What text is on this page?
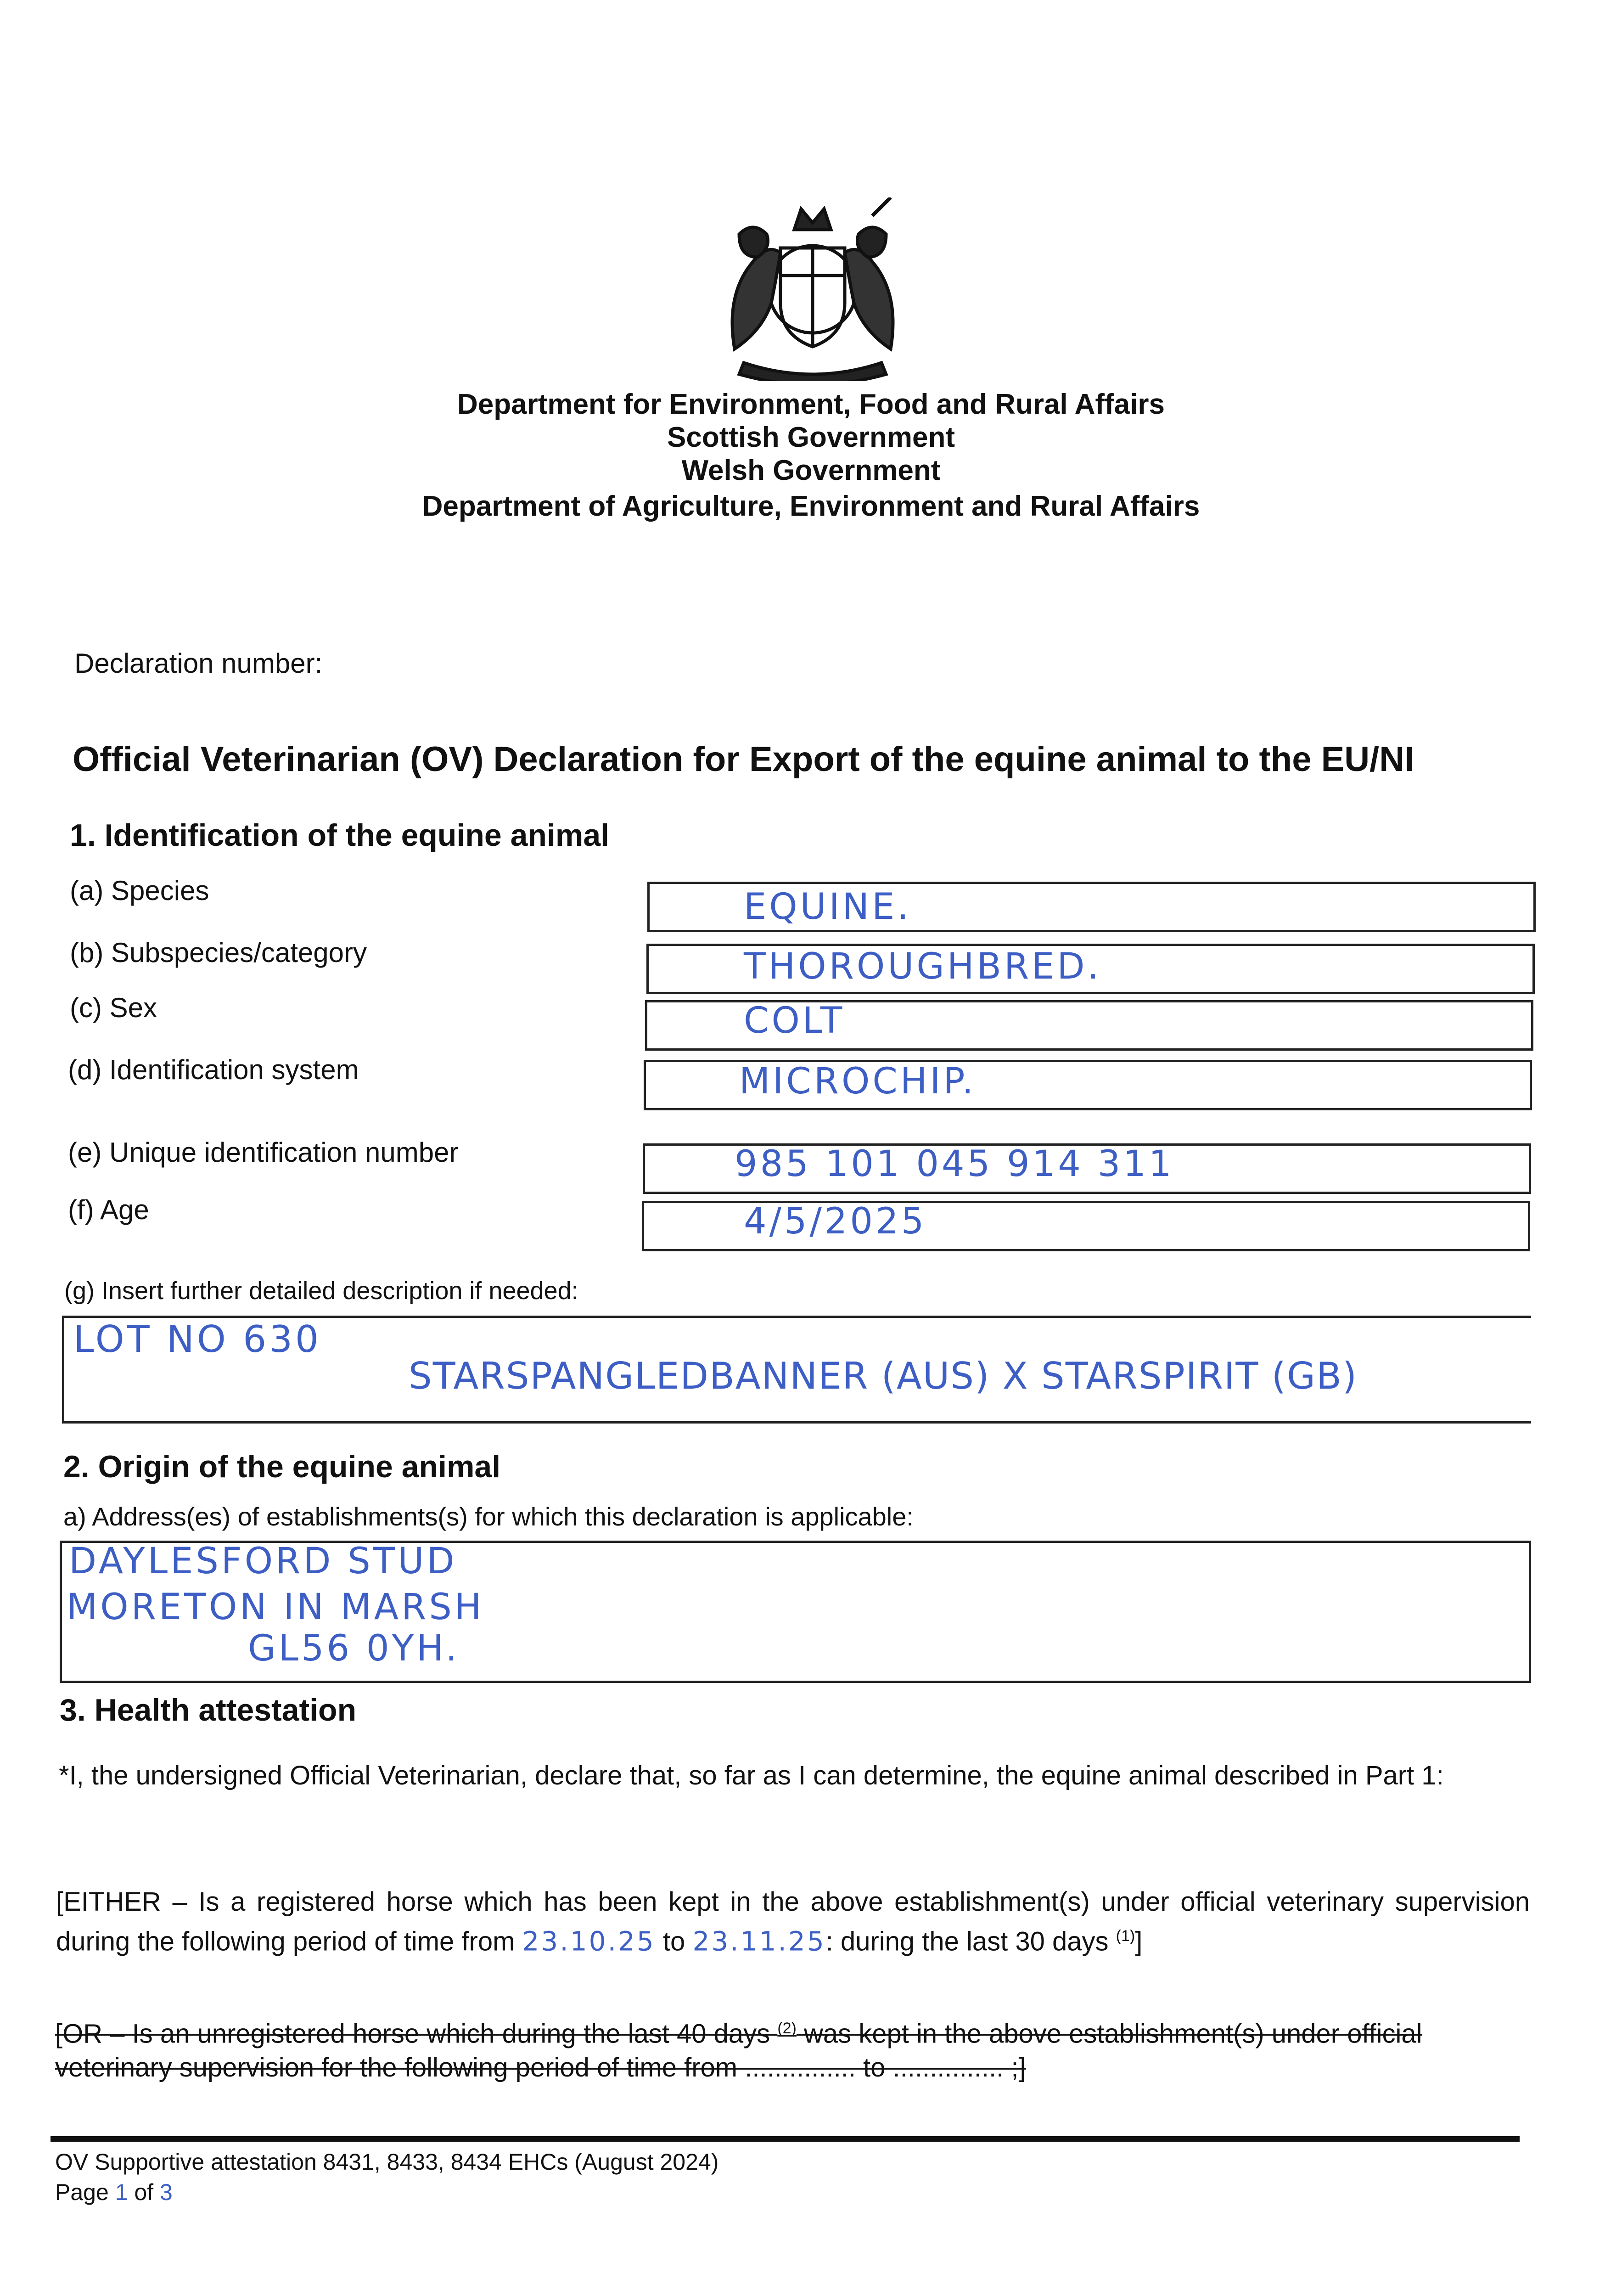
Department for Environment, Food and Rural Affairs
Scottish Government
Welsh Government
Department of Agriculture, Environment and Rural Affairs
Declaration number:
Official Veterinarian (OV) Declaration for Export of the equine animal to the EU/NI
1. Identification of the equine animal
(a) Species	EQUINE.
(b) Subspecies/category	THOROUGHBRED.
(c) Sex	COLT
(d) Identification system	MICROCHIP.
(e) Unique identification number	985 101 045 914 311
(f) Age	4/5/2025
(g) Insert further detailed description if needed:
LOT NO 630
STARSPANGLEDBANNER (AUS) X STARSPIRIT (GB)
2. Origin of the equine animal
a) Address(es) of establishments(s) for which this declaration is applicable:
DAYLESFORD STUD
MORETON IN MARSH
GL56 0YH.
3. Health attestation
*I, the undersigned Official Veterinarian, declare that, so far as I can determine, the equine animal described in Part 1:
[EITHER – Is a registered horse which has been kept in the above establishment(s) under official veterinary supervision during the following period of time from 23.10.25 to 23.11.25: during the last 30 days $^{(1)}$]
[OR – Is an unregistered horse which during the last 40 days $^{(2)}$ was kept in the above establishment(s) under official veterinary supervision for the following period of time from ............... to ............... ;]
OV Supportive attestation 8431, 8433, 8434 EHCs (August 2024)
Page 1 of 3
